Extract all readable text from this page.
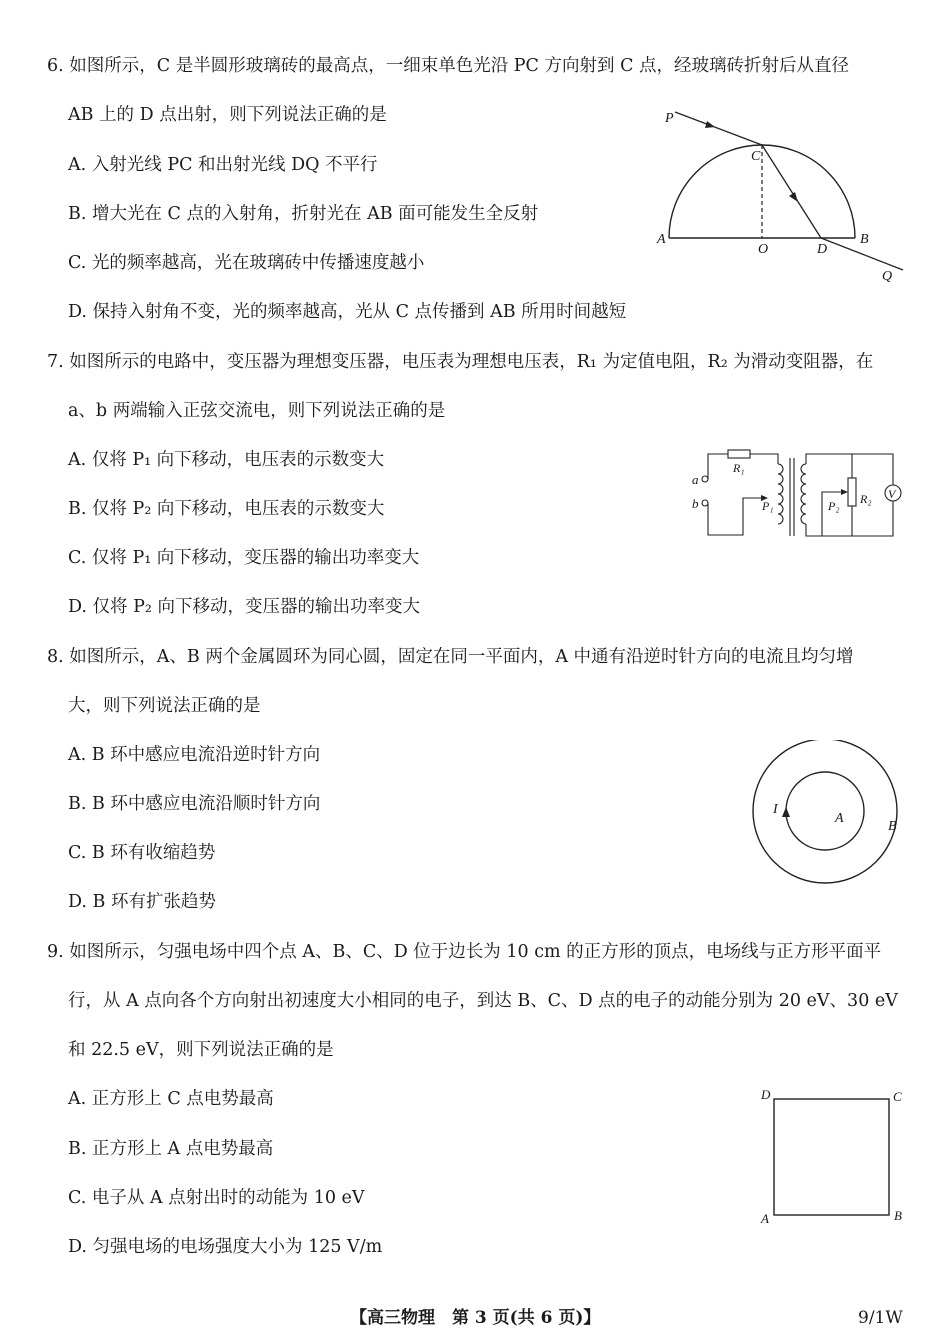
6. 如图所示，C 是半圆形玻璃砖的最高点，一细束单色光沿 PC 方向射到 C 点，经玻璃砖折射后从直径
AB 上的 D 点出射，则下列说法正确的是
A. 入射光线 PC 和出射光线 DQ 不平行
B. 增大光在 C 点的入射角，折射光在 AB 面可能发生全反射
C. 光的频率越高，光在玻璃砖中传播速度越小
D. 保持入射角不变，光的频率越高，光从 C 点传播到 AB 所用时间越短
P
C
A
O	D
B
Q
7. 如图所示的电路中，变压器为理想变压器，电压表为理想电压表，R₁ 为定值电阻，R₂ 为滑动变阻器，在
a、b 两端输入正弦交流电，则下列说法正确的是
A. 仅将 P₁ 向下移动，电压表的示数变大
B. 仅将 P₂ 向下移动，电压表的示数变大
C. 仅将 P₁ 向下移动，变压器的输出功率变大
D. 仅将 P₂ 向下移动，变压器的输出功率变大
V
a
b
R₁
P₁	P₂ R₂
8. 如图所示，A、B 两个金属圆环为同心圆，固定在同一平面内，A 中通有沿逆时针方向的电流且均匀增
大，则下列说法正确的是
A. B 环中感应电流沿逆时针方向
B. B 环中感应电流沿顺时针方向
C. B 环有收缩趋势
D. B 环有扩张趋势
I
A
B
9. 如图所示，匀强电场中四个点 A、B、C、D 位于边长为 10 cm 的正方形的顶点，电场线与正方形平面平
行，从 A 点向各个方向射出初速度大小相同的电子，到达 B、C、D 点的电子的动能分别为 20 eV、30 eV
和 22.5 eV，则下列说法正确的是
A. 正方形上 C 点电势最高
B. 正方形上 A 点电势最高
C. 电子从 A 点射出时的动能为 10 eV
D. 匀强电场的电场强度大小为 125 V/m
D	C
A	B
【高三物理　第 3 页(共 6 页)】	9/1W
